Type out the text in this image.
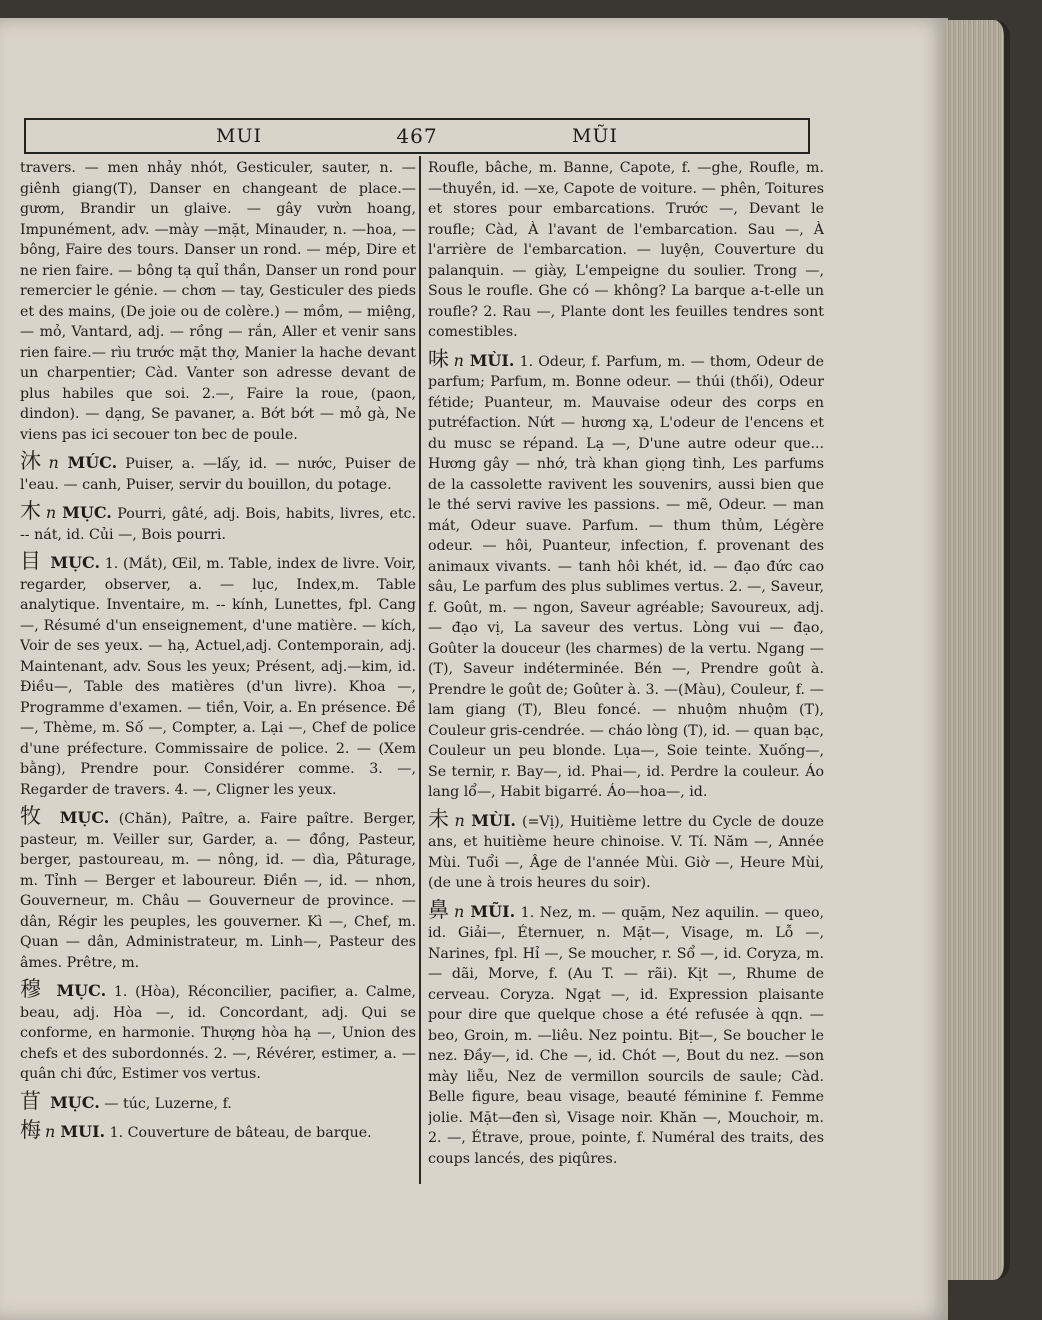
MUI	467	MŨI

travers. — men nhảy nhót, Gesticuler, sauter, n. —giênh giang(T), Danser en changeant de place.— gươm, Brandir un glaive. — gây vườn hoang, Impunément, adv. —mày —mặt, Minauder, n. —hoa, — bông, Faire des tours. Danser un rond. — mép, Dire et ne rien faire. — bông tạ quỉ thần, Danser un rond pour remercier le génie. — chơn — tay, Gesticuler des pieds et des mains, (De joie ou de colère.) — mồm, — miệng, — mỏ, Vantard, adj. — rồng — rắn, Aller et venir sans rien faire.— rìu trước mặt thợ, Manier la hache devant un charpentier; Càd. Vanter son adresse devant de plus habiles que soi. 2.—, Faire la roue, (paon, dindon). — dạng, Se pavaner, a. Bớt bớt — mỏ gà, Ne viens pas ici secouer ton bec de poule.

沐 n MÚC. Puiser, a. —lấy, id. — nước, Puiser de l'eau. — canh, Puiser, servir du bouillon, du potage.

木 n MỤC. Pourri, gâté, adj. Bois, habits, livres, etc. -- nát, id. Củi —, Bois pourri.

目 MỤC. 1. (Mắt), Œil, m. Table, index de livre. Voir, regarder, observer, a. — lục, Index,m. Table analytique. Inventaire, m. -- kính, Lunettes, fpl. Cang —, Résumé d'un enseignement, d'une matière. — kích, Voir de ses yeux. — hạ, Actuel,adj. Contemporain, adj. Maintenant, adv. Sous les yeux; Présent, adj.—kim, id. Điều—, Table des matières (d'un livre). Khoa —, Programme d'examen. — tiền, Voir, a. En présence. Đề —, Thème, m. Số —, Compter, a. Lại —, Chef de police d'une préfecture. Commissaire de police. 2. — (Xem bằng), Prendre pour. Considérer comme. 3. —, Regarder de travers. 4. —, Cligner les yeux.

牧 MỤC. (Chăn), Paître, a. Faire paître. Berger, pasteur, m. Veiller sur, Garder, a. — đồng, Pasteur, berger, pastoureau, m. — nông, id. — dìa, Pâturage, m. Tỉnh — Berger et laboureur. Điền —, id. — nhơn, Gouverneur, m. Châu — Gouverneur de province. — dân, Régir les peuples, les gouverner. Kì —, Chef, m. Quan — dân, Administrateur, m. Linh—, Pasteur des âmes. Prêtre, m.

穆 MỤC. 1. (Hòa), Réconcilier, pacifier, a. Calme, beau, adj. Hòa —, id. Concordant, adj. Qui se conforme, en harmonie. Thượng hòa hạ —, Union des chefs et des subordonnés. 2. —, Révérer, estimer, a. — quân chi đức, Estimer vos vertus.

苜 MỤC. — túc, Luzerne, f.

梅 n MUI. 1. Couverture de bâteau, de barque.

Roufle, bâche, m. Banne, Capote, f. —ghe, Roufle, m. —thuyền, id. —xe, Capote de voiture. — phên, Toitures et stores pour embarcations. Trước —, Devant le roufle; Càd, À l'avant de l'embarcation. Sau —, À l'arrière de l'embarcation. — luyện, Couverture du palanquin. — giày, L'empeigne du soulier. Trong —, Sous le roufle. Ghe có — không? La barque a-t-elle un roufle? 2. Rau —, Plante dont les feuilles tendres sont comestibles.

味 n MÙI. 1. Odeur, f. Parfum, m. — thơm, Odeur de parfum; Parfum, m. Bonne odeur. — thúi (thối), Odeur fétide; Puanteur, m. Mauvaise odeur des corps en putréfaction. Nứt — hương xạ, L'odeur de l'encens et du musc se répand. Lạ —, D'une autre odeur que... Hương gây — nhớ, trà khan giọng tình, Les parfums de la cassolette ravivent les souvenirs, aussi bien que le thé servi ravive les passions. — mẽ, Odeur. — man mát, Odeur suave. Parfum. — thum thủm, Légère odeur. — hôi, Puanteur, infection, f. provenant des animaux vivants. — tanh hôi khét, id. — đạo đức cao sâu, Le parfum des plus sublimes vertus. 2. —, Saveur, f. Goût, m. — ngon, Saveur agréable; Savoureux, adj. — đạo vị, La saveur des vertus. Lòng vui — đạo, Goûter la douceur (les charmes) de la vertu. Ngang — (T), Saveur indéterminée. Bén —, Prendre goût à. Prendre le goût de; Goûter à. 3. —(Màu), Couleur, f. — lam giang (T), Bleu foncé. — nhuộm nhuộm (T), Couleur gris-cendrée. — cháo lòng (T), id. — quan bạc, Couleur un peu blonde. Lụa—, Soie teinte. Xuống—, Se ternir, r. Bay—, id. Phai—, id. Perdre la couleur. Áo lang lổ—, Habit bigarré. Áo—hoa—, id.

未 n MÙI. (=Vị), Huitième lettre du Cycle de douze ans, et huitième heure chinoise. V. Tí. Năm —, Année Mùi. Tuổi —, Âge de l'année Mùi. Giờ —, Heure Mùi, (de une à trois heures du soir).

鼻 n MŨI. 1. Nez, m. — quặm, Nez aquilin. — queo, id. Giải—, Éternuer, n. Mặt—, Visage, m. Lỗ —, Narines, fpl. Hỉ —, Se moucher, r. Sổ —, id. Coryza, m. — dãi, Morve, f. (Au T. — rãi). Kịt —, Rhume de cerveau. Coryza. Ngạt —, id. Expression plaisante pour dire que quelque chose a été refusée à qqn. —beo, Groin, m. —liêu. Nez pointu. Bịt—, Se boucher le nez. Đầy—, id. Che —, id. Chót —, Bout du nez. —son mày liễu, Nez de vermillon sourcils de saule; Càd. Belle figure, beau visage, beauté féminine f. Femme jolie. Mặt—đen sì, Visage noir. Khăn —, Mouchoir, m. 2. —, Étrave, proue, pointe, f. Numéral des traits, des coups lancés, des piqûres.
